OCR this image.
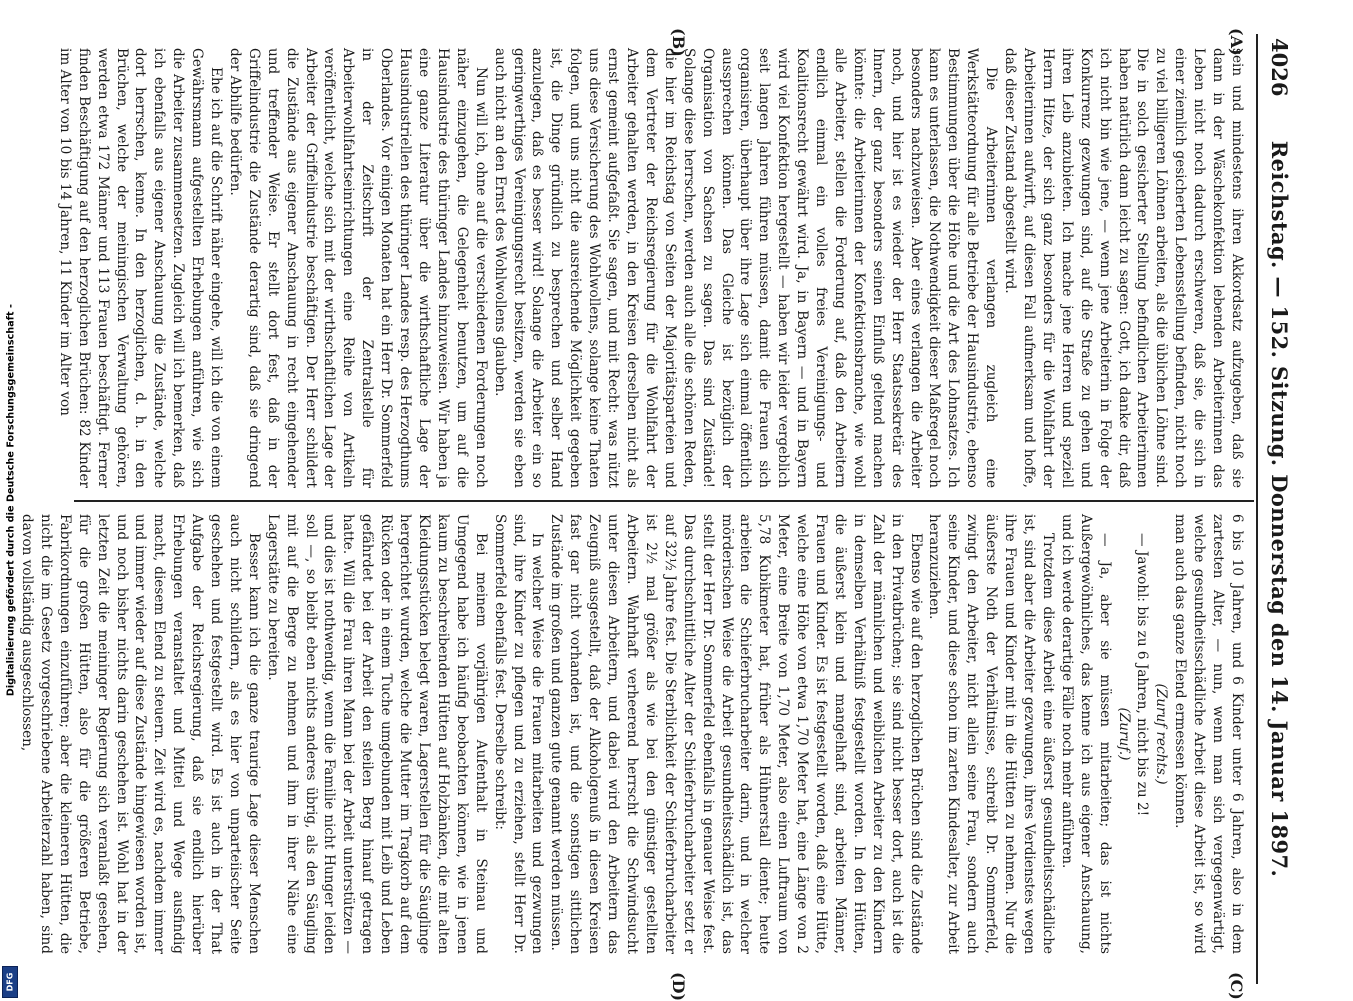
Digitalisierung gefördert durch die Deutsche Forschungsgemeinschaft -
DFG
4026
Reichstag. — 152. Sitzung. Donnerstag den 14. Januar 1897.
(A)
(B)
(C)
(D)

sein und mindestens ihren Akkordsatz aufzugeben, daß sie dann in der Wäschekonfektion lebenden Arbeiterinnen das Leben nicht noch dadurch erschweren, daß sie, die sich in einer ziemlich gesicherten Lebensstellung befinden, nicht noch zu viel billigeren Löhnen arbeiten, als die üblichen Löhne sind. Die in solch gesicherter Stellung befindlichen Arbeiterinnen haben natürlich dann leicht zu sagen: Gott, ich danke dir, daß ich nicht bin wie jene, — wenn jene Arbeiterin in Folge der Konkurrenz gezwungen sind, auf die Straße zu gehen und ihren Leib anzubieten. Ich mache jene Herren und speziell Herrn Hitze, der sich ganz besonders für die Wohlfahrt der Arbeiterinnen aufwirft, auf diesen Fall aufmerksam und hoffe, daß dieser Zustand abgestellt wird.

Die Arbeiterinnen verlangen zugleich eine Werkstätteordnung für alle Betriebe der Hausindustrie, ebenso Bestimmungen über die Höhe und die Art des Lohnsatzes. Ich kann es unterlassen, die Nothwendigkeit dieser Maßregel noch besonders nachzuweisen. Aber eines verlangen die Arbeiter noch, und hier ist es wieder der Herr Staatssekretär des Innern, der ganz besonders seinen Einfluß geltend machen könnte: die Arbeiterinnen der Konfektionsbranche, wie wohl alle Arbeiter, stellen die Forderung auf, daß den Arbeitern endlich einmal ein volles freies Vereinigungs- und Koalitionsrecht gewährt wird. Ja, in Bayern — und in Bayern wird viel Konfektion hergestellt — haben wir leider vergeblich seit langen Jahren führen müssen, damit die Frauen sich organisiren, überhaupt über ihre Lage sich einmal öffentlich aussprechen können. Das Gleiche ist bezüglich der Organisation von Sachsen zu sagen. Das sind Zustände! Solange diese herrschen, werden auch alle die schönen Reden, die hier im Reichstag von Seiten der Majoritätsparteien und dem Vertreter der Reichsregierung für die Wohlfahrt der Arbeiter gehalten werden, in den Kreisen derselben nicht als ernst gemeint aufgefaßt. Sie sagen, und mit Recht: was nützt uns diese Versicherung des Wohlwollens, solange keine Thaten folgen, und uns nicht die ausreichende Möglichkeit gegeben ist, die Dinge gründlich zu besprechen und selber Hand anzulegen, daß es besser wird! Solange die Arbeiter ein so geringwerthiges Vereinigungsrecht besitzen, werden sie eben auch nicht an den Ernst des Wohlwollens glauben.

Nun will ich, ohne auf die verschiedenen Forderungen noch näher einzugehen, die Gelegenheit benutzen, um auf die Hausindustrie des thüringer Landes hinzuweisen. Wir haben ja eine ganze Literatur über die wirthschaftliche Lage der Hausindustriellen des thüringer Landes resp. des Herzogthums Oberlandes. Vor einigen Monaten hat ein Herr Dr. Sommerfeld in der Zeitschrift der Zentralstelle für Arbeiterwohlfahrtseinrichtungen eine Reihe von Artikeln veröffentlicht, welche sich mit der wirthschaftlichen Lage der Arbeiter der Griffelindustrie beschäftigen. Der Herr schildert die Zustände aus eigener Anschauung in recht eingehender und treffender Weise. Er stellt dort fest, daß in der Griffelindustrie die Zustände derartig sind, daß sie dringend der Abhilfe bedürfen.

Ehe ich auf die Schrift näher eingehe, will ich die von einem Gewährsmann aufgestellten Erhebungen anführen, wie sich die Arbeiter zusammensetzen. Zugleich will ich bemerken, daß ich ebenfalls aus eigener Anschauung die Zustände, welche dort herrschen, kenne. In den herzoglichen, d. h. in den Brüchen, welche der meiningischen Verwaltung gehören, werden etwa 172 Männer und 113 Frauen beschäftigt. Ferner finden Beschäftigung auf den herzoglichen Brüchen: 82 Kinder im Alter von 10 bis 14 Jahren, 11 Kinder im Alter von

6 bis 10 Jahren, und 6 Kinder unter 6 Jahren, also in dem zartesten Alter, — nun, wenn man sich vergegenwärtigt, welche gesundheitsschädliche Arbeit diese Arbeit ist, so wird man auch das ganze Elend ermessen können.

(Zuruf rechts.)

— Jawohl: bis zu 6 Jahren, nicht bis zu 2!

(Zuruf.)

— Ja, aber sie müssen mitarbeiten; das ist nichts Außergewöhnliches, das kenne ich aus eigener Anschauung, und ich werde derartige Fälle noch mehr anführen.

Trotzdem diese Arbeit eine äußerst gesundheitsschädliche ist, sind aber die Arbeiter gezwungen, ihres Verdienstes wegen ihre Frauen und Kinder mit in die Hütten zu nehmen. Nur die äußerste Noth der Verhältnisse, schreibt Dr. Sommerfeld, zwingt den Arbeiter, nicht allein seine Frau, sondern auch seine Kinder, und diese schon im zarten Kindesalter, zur Arbeit heranzuziehen.

Ebenso wie auf den herzoglichen Brüchen sind die Zustände in den Privatbrüchen; sie sind nicht besser dort, auch ist die Zahl der männlichen und weiblichen Arbeiter zu den Kindern in demselben Verhältniß festgestellt worden. In den Hütten, die äußerst klein und mangelhaft sind, arbeiten Männer, Frauen und Kinder. Es ist festgestellt worden, daß eine Hütte, welche eine Höhe von etwa 1,70 Meter hat, eine Länge von 2 Meter, eine Breite von 1,70 Meter, also einen Luftraum von 5,78 Kubikmeter hat, früher als Hühnerstall diente; heute arbeiten die Schieferbrucharbeiter darin, und in welcher mörderischen Weise die Arbeit gesundheitsschädlich ist, das stellt der Herr Dr. Sommerfeld ebenfalls in genauer Weise fest. Das durchschnittliche Alter der Schieferbrucharbeiter setzt er auf 32½ Jahre fest. Die Sterblichkeit der Schieferbrucharbeiter ist 2½ mal größer als wie bei den günstiger gestellten Arbeitern. Wahrhaft verheerend herrscht die Schwindsucht unter diesen Arbeitern, und dabei wird den Arbeitern das Zeugniß ausgestellt, daß der Alkoholgenuß in diesen Kreisen fast gar nicht vorhanden ist, und die sonstigen sittlichen Zustände im großen und ganzen gute genannt werden müssen.

In welcher Weise die Frauen mitarbeiten und gezwungen sind, ihre Kinder zu pflegen und zu erziehen, stellt Herr Dr. Sommerfeld ebenfalls fest. Derselbe schreibt:

Bei meinem vorjährigen Aufenthalt in Steinau und Umgegend habe ich häufig beobachten können, wie in jenen kaum zu beschreibenden Hütten auf Holzbänken, die mit alten Kleidungsstücken belegt waren, Lagerstellen für die Säuglinge hergerichtet wurden, welche die Mutter im Tragkorb auf dem Rücken oder in einem Tuche umgebunden mit Leib und Leben gefährdet bei der Arbeit den steilen Berg hinauf getragen hatte. Will die Frau ihren Mann bei der Arbeit unterstützen — und dies ist nothwendig, wenn die Familie nicht Hunger leiden soll —, so bleibt eben nichts anderes übrig, als den Säugling mit auf die Berge zu nehmen und ihm in ihrer Nähe eine Lagerstätte zu bereiten.

Besser kann ich die ganze traurige Lage dieser Menschen auch nicht schildern, als es hier von unparteiischer Seite geschehen und festgestellt wird. Es ist auch in der That Aufgabe der Reichsregierung, daß sie endlich hierüber Erhebungen veranstaltet und Mittel und Wege ausfindig macht, diesem Elend zu steuern. Zeit wird es, nachdem immer und immer wieder auf diese Zustände hingewiesen worden ist, und noch bisher nichts darin geschehen ist. Wohl hat in der letzten Zeit die meininger Regierung sich veranlaßt gesehen, für die großen Hütten, also für die größeren Betriebe, Fabrikordnungen einzuführen; aber die kleineren Hütten, die nicht die im Gesetz vorgeschriebene Arbeiterzahl haben, sind davon vollständig ausgeschlossen,
